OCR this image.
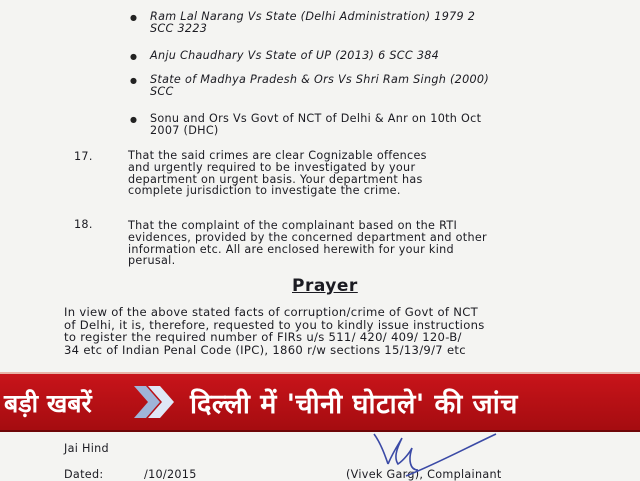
● Ram Lal Narang Vs State (Delhi Administration) 1979 2
SCC 3223
● Anju Chaudhary Vs State of UP (2013) 6 SCC 384
● State of Madhya Pradesh & Ors Vs Shri Ram Singh (2000)
SCC
● Sonu and Ors Vs Govt of NCT of Delhi & Anr on 10th Oct
2007 (DHC)
17.	That the said crimes are clear Cognizable offences
and urgently required to be investigated by your
department on urgent basis. Your department has
complete jurisdiction to investigate the crime.
18.	That the complaint of the complainant based on the RTI
evidences, provided by the concerned department and other
information etc. All are enclosed herewith for your kind
perusal.
Prayer
In view of the above stated facts of corruption/crime of Govt of NCT
of Delhi, it is, therefore, requested to you to kindly issue instructions
to register the required number of FIRs u/s 511/ 420/ 409/ 120-B/
34 etc of Indian Penal Code (IPC), 1860 r/w sections 15/13/9/7 etc
Jai Hind
Dated:	/10/2015	(Vivek Garg), Complainant
बड़ी खबरें	दिल्ली में 'चीनी घोटाले' की जांच
